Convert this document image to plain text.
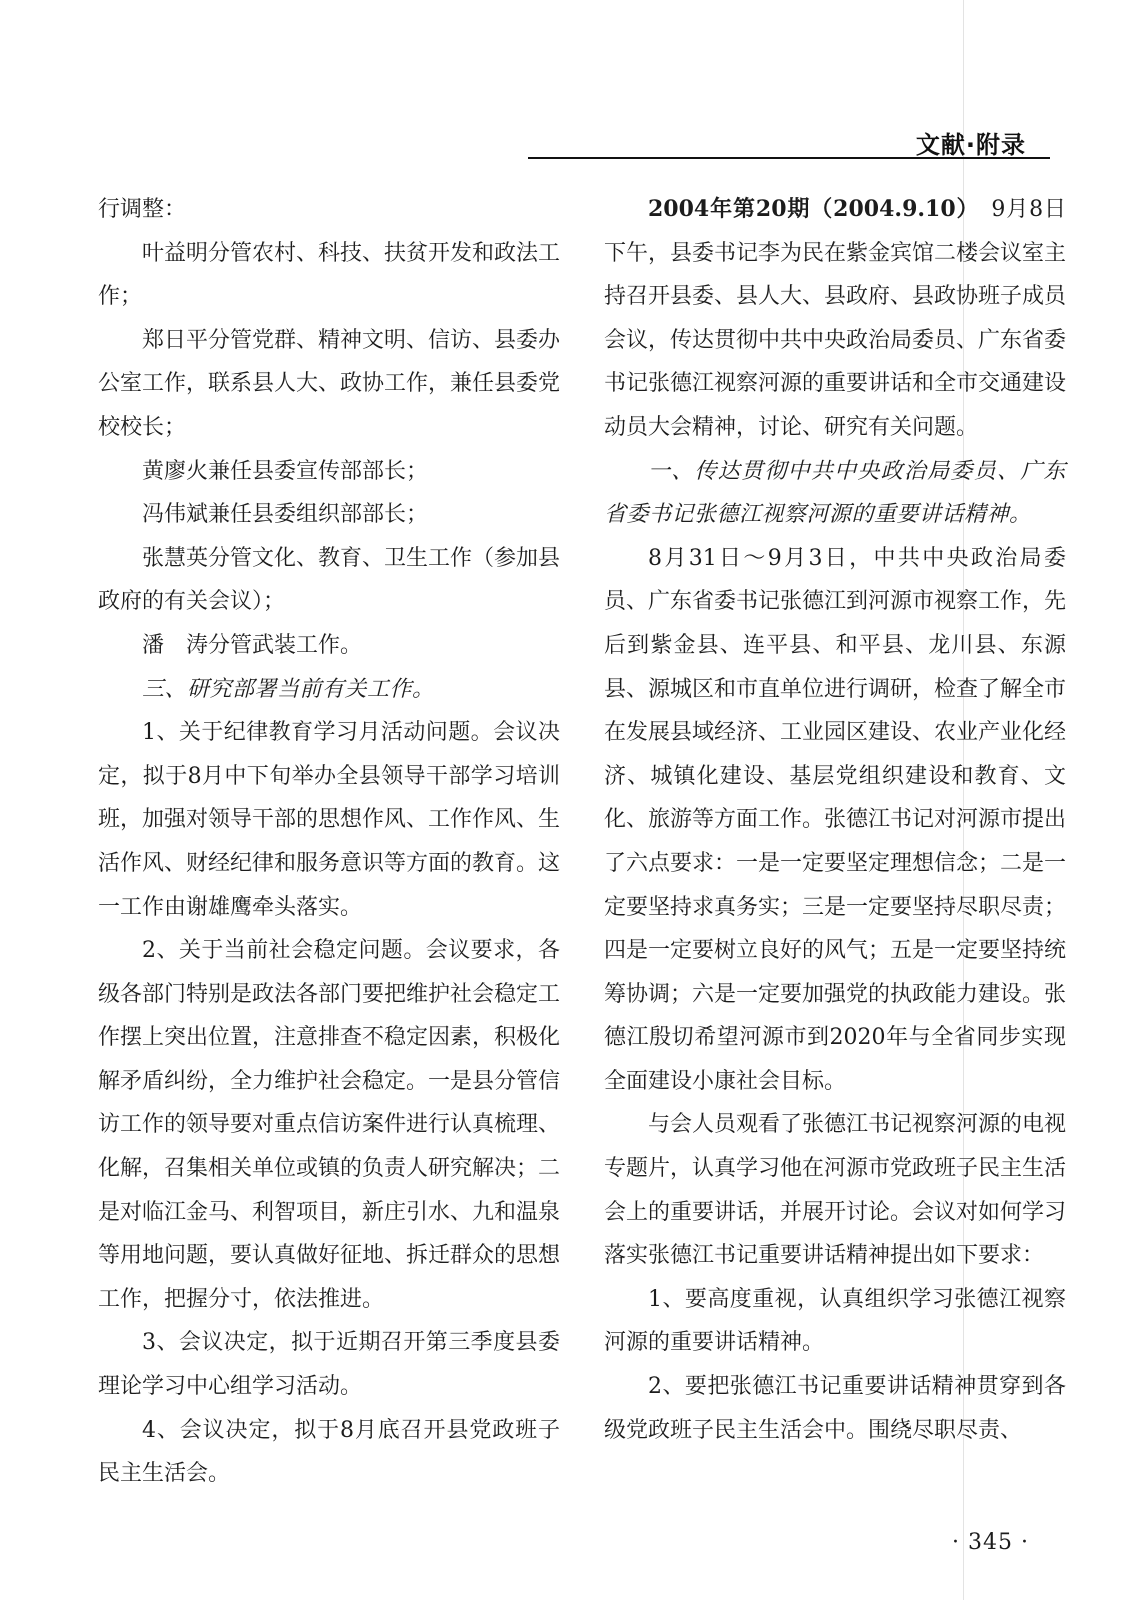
文献·附录

行调整：

叶益明分管农村、科技、扶贫开发和政法工作；

郑日平分管党群、精神文明、信访、县委办公室工作，联系县人大、政协工作，兼任县委党校校长；

黄廖火兼任县委宣传部部长；

冯伟斌兼任县委组织部部长；

张慧英分管文化、教育、卫生工作（参加县政府的有关会议）；

潘　涛分管武装工作。

三、研究部署当前有关工作。

1、关于纪律教育学习月活动问题。会议决定，拟于8月中下旬举办全县领导干部学习培训班，加强对领导干部的思想作风、工作作风、生活作风、财经纪律和服务意识等方面的教育。这一工作由谢雄鹰牵头落实。

2、关于当前社会稳定问题。会议要求，各级各部门特别是政法各部门要把维护社会稳定工作摆上突出位置，注意排查不稳定因素，积极化解矛盾纠纷，全力维护社会稳定。一是县分管信访工作的领导要对重点信访案件进行认真梳理、化解，召集相关单位或镇的负责人研究解决；二是对临江金马、利智项目，新庄引水、九和温泉等用地问题，要认真做好征地、拆迁群众的思想工作，把握分寸，依法推进。

3、会议决定，拟于近期召开第三季度县委理论学习中心组学习活动。

4、会议决定，拟于8月底召开县党政班子民主生活会。

2004年第20期（2004.9.10）　 9月8日下午，县委书记李为民在紫金宾馆二楼会议室主持召开县委、县人大、县政府、县政协班子成员会议，传达贯彻中共中央政治局委员、广东省委书记张德江视察河源的重要讲话和全市交通建设动员大会精神，讨论、研究有关问题。

一、传达贯彻中共中央政治局委员、广东省委书记张德江视察河源的重要讲话精神。

8月31日～9月3日，中共中央政治局委员、广东省委书记张德江到河源市视察工作，先后到紫金县、连平县、和平县、龙川县、东源县、源城区和市直单位进行调研，检查了解全市在发展县域经济、工业园区建设、农业产业化经济、城镇化建设、基层党组织建设和教育、文化、旅游等方面工作。张德江书记对河源市提出了六点要求：一是一定要坚定理想信念；二是一定要坚持求真务实；三是一定要坚持尽职尽责；四是一定要树立良好的风气；五是一定要坚持统筹协调；六是一定要加强党的执政能力建设。张德江殷切希望河源市到2020年与全省同步实现全面建设小康社会目标。

与会人员观看了张德江书记视察河源的电视专题片，认真学习他在河源市党政班子民主生活会上的重要讲话，并展开讨论。会议对如何学习落实张德江书记重要讲话精神提出如下要求：

1、要高度重视，认真组织学习张德江视察河源的重要讲话精神。

2、要把张德江书记重要讲话精神贯穿到各级党政班子民主生活会中。围绕尽职尽责、

· 345 ·
